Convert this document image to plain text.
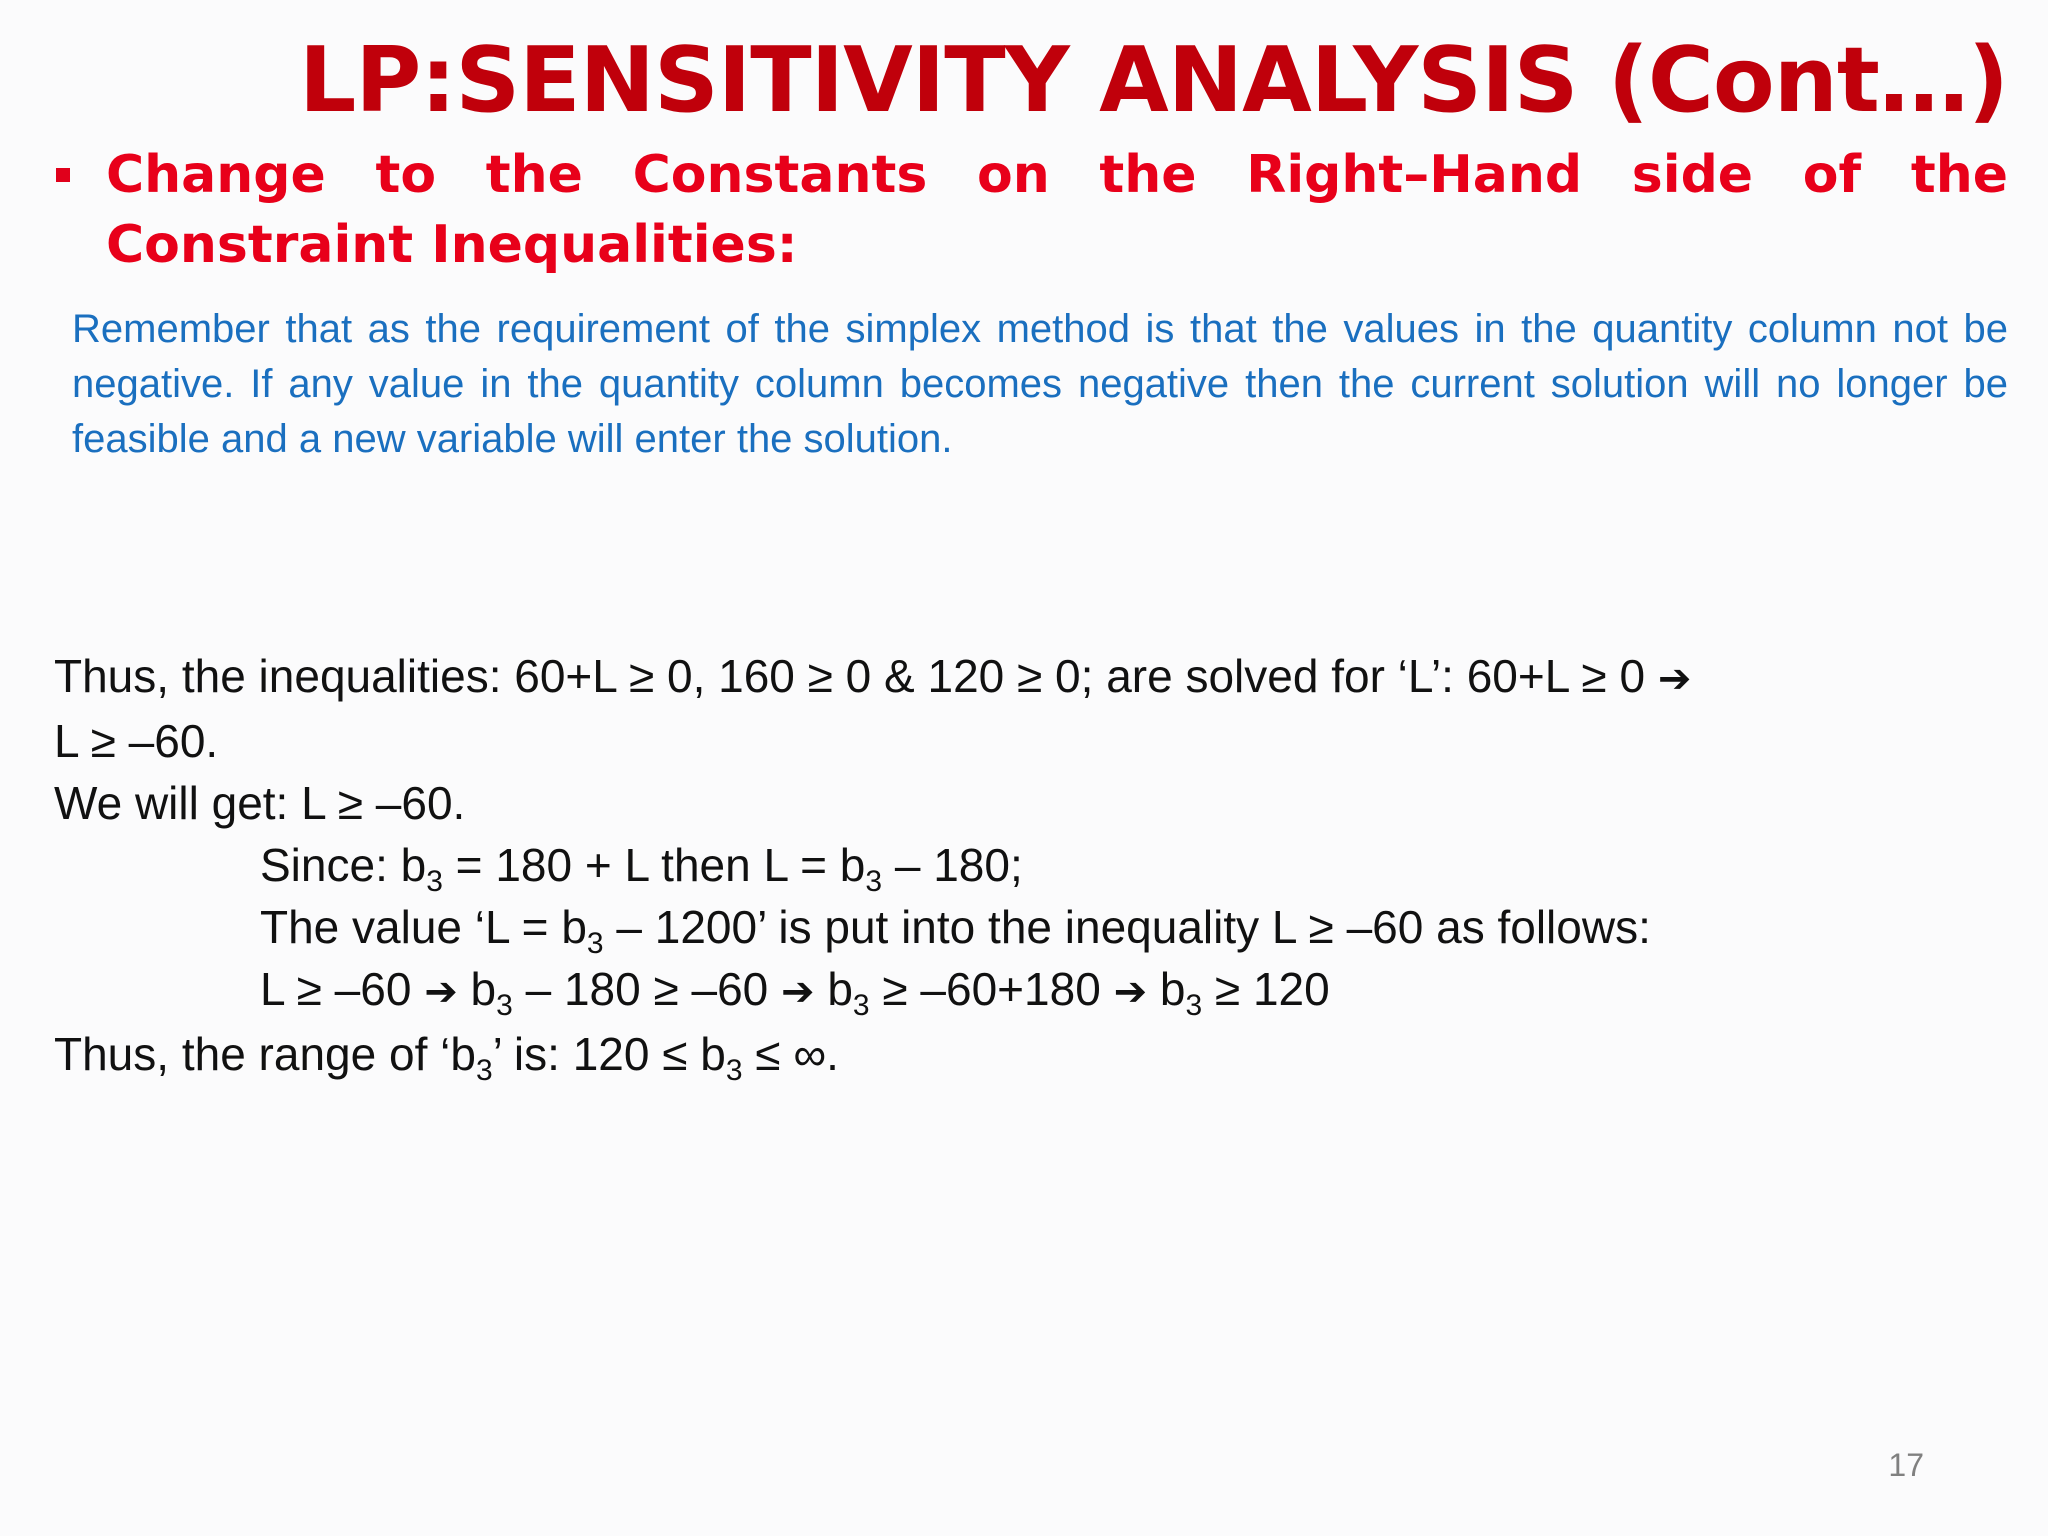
LP:SENSITIVITY ANALYSIS (Cont…)

Change to the Constants on the Right–Hand side of the Constraint Inequalities:

Remember that as the requirement of the simplex method is that the values in the quantity column not be negative. If any value in the quantity column becomes negative then the current solution will no longer be feasible and a new variable will enter the solution.

Thus, the inequalities: 60+L ≥ 0, 160 ≥ 0 & 120 ≥ 0; are solved for ‘L’: 60+L ≥ 0 ➔

L ≥ –60.

We will get: L ≥ –60.

Since: $b_3 = 180 + L$ then $L = b_3 - 180$;

The value ‘$L = b_3 - 1200$’ is put into the inequality L ≥ –60 as follows:

L ≥ –60 ➔ $b_3 - 180 \ge -60$ ➔ $b_3 \ge -60+180$ ➔ $b_3 \ge 120$

Thus, the range of ‘$b_3$’ is: $120 \le b_3$ ≤ ∞.

17
